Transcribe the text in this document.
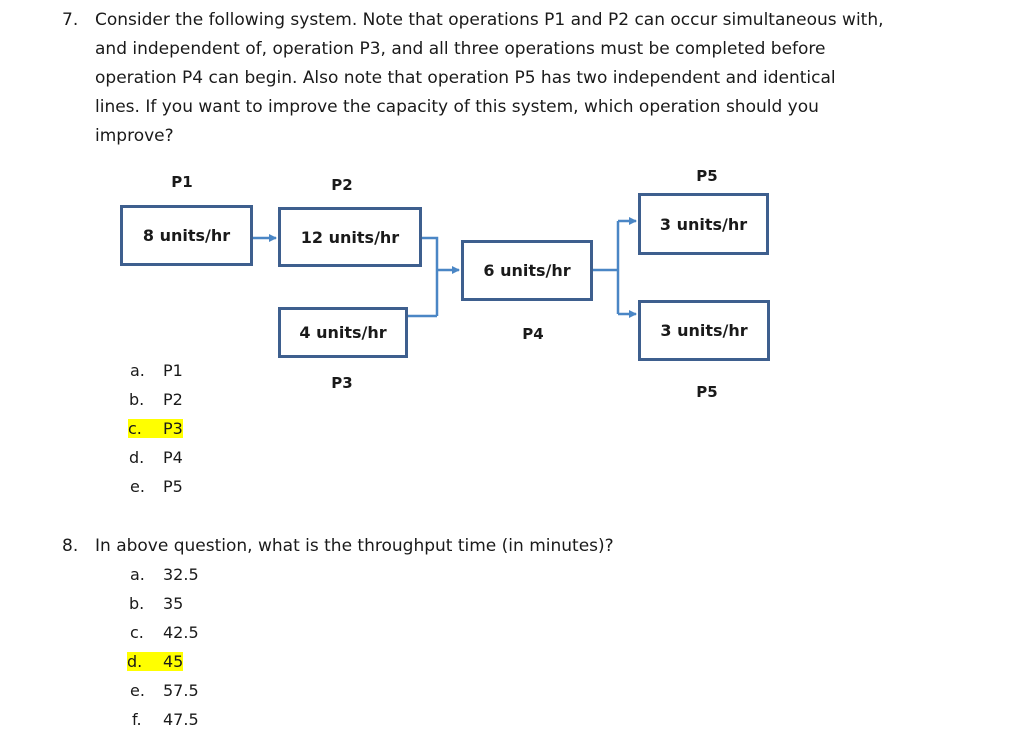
7. Consider the following system. Note that operations P1 and P2 can occur simultaneous with,
and independent of, operation P3, and all three operations must be completed before
operation P4 can begin. Also note that operation P5 has two independent and identical
lines. If you want to improve the capacity of this system, which operation should you
improve?
P1	P2
P3
P4
P5
P5
8 units/hr	12 units/hr
4 units/hr
6 units/hr
3 units/hr
3 units/hr
a. P1
b. P2
c.	P3
d. P4
e. P5
8. In above question, what is the throughput time (in minutes)?
a. 32.5
b. 35
c. 42.5
d.	45
e. 57.5
f. 47.5
